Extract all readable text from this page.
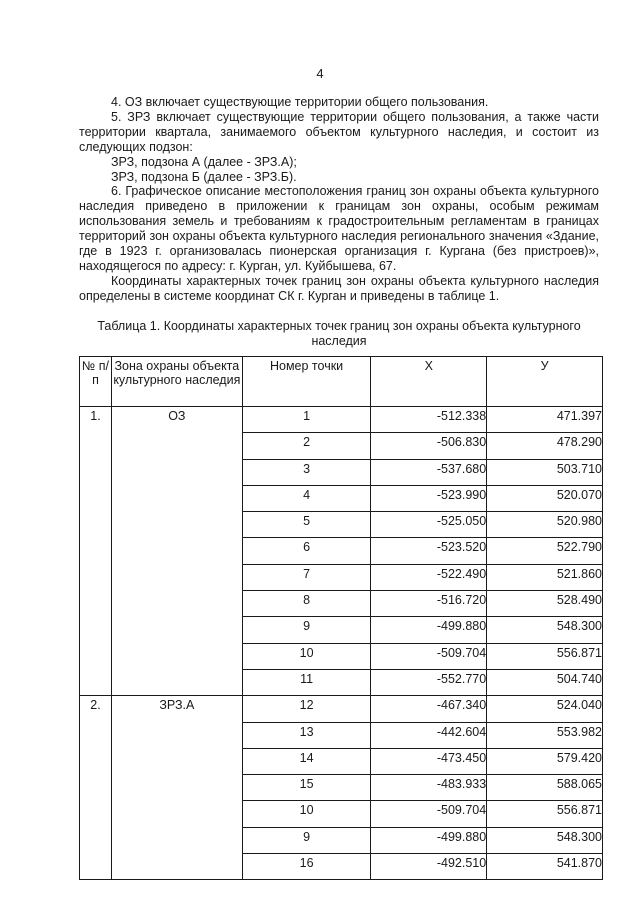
4

4. ОЗ включает существующие территории общего пользования.

5. ЗРЗ включает существующие территории общего пользования, а также части территории квартала, занимаемого объектом культурного наследия, и состоит из следующих подзон:

ЗРЗ, подзона А (далее - ЗРЗ.А);

ЗРЗ, подзона Б (далее - ЗРЗ.Б).

6. Графическое описание местоположения границ зон охраны объекта культурного наследия приведено в приложении к границам зон охраны, особым режимам использования земель и требованиям к градостроительным регламентам в границах территорий зон охраны объекта культурного наследия регионального значения «Здание, где в 1923 г. организовалась пионерская организация г. Кургана (без пристроев)», находящегося по адресу: г. Курган, ул. Куйбышева, 67.

Координаты характерных точек границ зон охраны объекта культурного наследия определены в системе координат СК г. Курган и приведены в таблице 1.

Таблица 1. Координаты характерных точек границ зон охраны объекта культурного наследия
№ п/п	Зона охраны объекта культурного наследия	Номер точки	X	У
1.	ОЗ	1	-512.338	471.397
		2	-506.830	478.290
		3	-537.680	503.710
		4	-523.990	520.070
		5	-525.050	520.980
		6	-523.520	522.790
		7	-522.490	521.860
		8	-516.720	528.490
		9	-499.880	548.300
		10	-509.704	556.871
		11	-552.770	504.740
2.	ЗРЗ.А	12	-467.340	524.040
		13	-442.604	553.982
		14	-473.450	579.420
		15	-483.933	588.065
		10	-509.704	556.871
		9	-499.880	548.300
		16	-492.510	541.870
